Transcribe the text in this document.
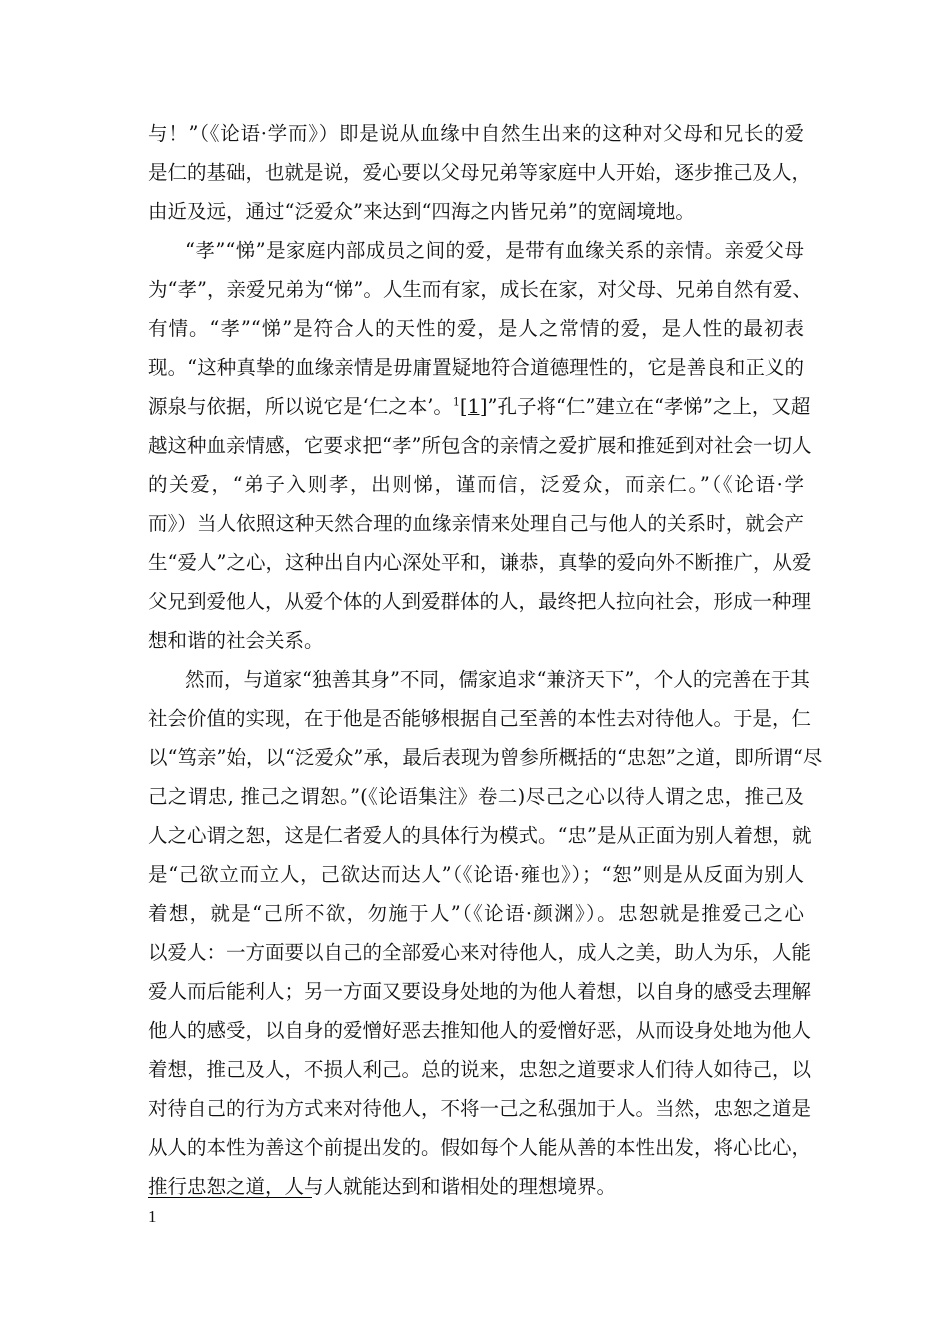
与！”（《论语·学而》）即是说从血缘中自然生出来的这种对父母和兄长的爱
是仁的基础，也就是说，爱心要以父母兄弟等家庭中人开始，逐步推己及人，
由近及远，通过“泛爱众”来达到“四海之内皆兄弟”的宽阔境地。
“孝”“悌”是家庭内部成员之间的爱，是带有血缘关系的亲情。亲爱父母
为“孝”，亲爱兄弟为“悌”。人生而有家，成长在家，对父母、兄弟自然有爱、
有情。“孝”“悌”是符合人的天性的爱，是人之常情的爱，是人性的最初表
现。“这种真挚的血缘亲情是毋庸置疑地符合道德理性的，它是善良和正义的
源泉与依据，所以说它是‘仁之本’。$^1$[1]”孔子将“仁”建立在“孝悌”之上，又超
越这种血亲情感，它要求把“孝”所包含的亲情之爱扩展和推延到对社会一切人
的关爱，“弟子入则孝，出则悌，谨而信，泛爱众，而亲仁。”（《论语·学
而》）当人依照这种天然合理的血缘亲情来处理自己与他人的关系时，就会产
生“爱人”之心，这种出自内心深处平和，谦恭，真挚的爱向外不断推广，从爱
父兄到爱他人，从爱个体的人到爱群体的人，最终把人拉向社会，形成一种理
想和谐的社会关系。
然而，与道家“独善其身”不同，儒家追求“兼济天下”，个人的完善在于其
社会价值的实现，在于他是否能够根据自己至善的本性去对待他人。于是，仁
以“笃亲”始，以“泛爱众”承，最后表现为曾参所概括的“忠恕”之道，即所谓“尽
己之谓忠, 推己之谓恕。”(《论语集注》卷二)尽己之心以待人谓之忠，推己及
人之心谓之恕，这是仁者爱人的具体行为模式。“忠”是从正面为别人着想，就
是“己欲立而立人，己欲达而达人”（《论语·雍也》）；“恕”则是从反面为别人
着想，就是“己所不欲，勿施于人”（《论语·颜渊》）。忠恕就是推爱己之心
以爱人：一方面要以自己的全部爱心来对待他人，成人之美，助人为乐，人能
爱人而后能利人；另一方面又要设身处地的为他人着想，以自身的感受去理解
他人的感受，以自身的爱憎好恶去推知他人的爱憎好恶，从而设身处地为他人
着想，推己及人，不损人利己。总的说来，忠恕之道要求人们待人如待己，以
对待自己的行为方式来对待他人，不将一己之私强加于人。当然，忠恕之道是
从人的本性为善这个前提出发的。假如每个人能从善的本性出发，将心比心，
推行忠恕之道，人与人就能达到和谐相处的理想境界。
1
